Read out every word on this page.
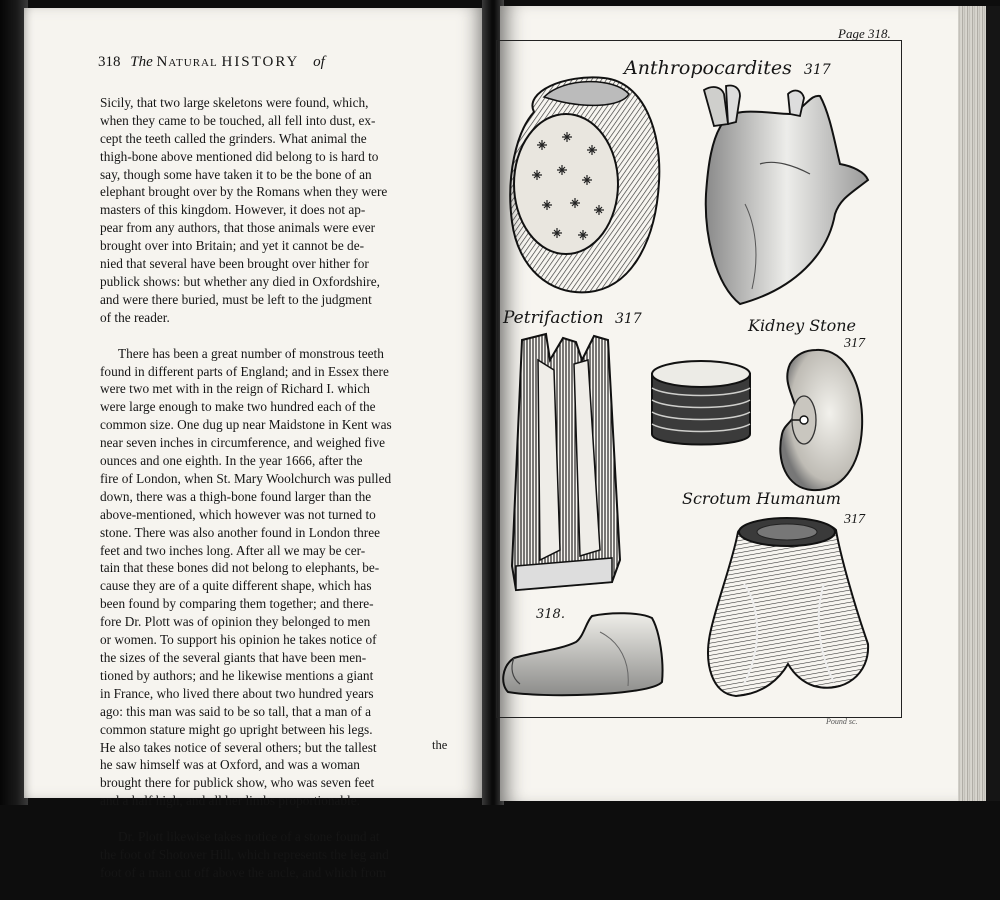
318 The Natural HISTORY of

Sicily, that two large skeletons were found, which,
when they came to be touched, all fell into dust, ex-
cept the teeth called the grinders. What animal the
thigh-bone above mentioned did belong to is hard to
say, though some have taken it to be the bone of an
elephant brought over by the Romans when they were
masters of this kingdom. However, it does not ap-
pear from any authors, that those animals were ever
brought over into Britain; and yet it cannot be de-
nied that several have been brought over hither for
publick shows: but whether any died in Oxfordshire,
and were there buried, must be left to the judgment
of the reader.

There has been a great number of monstrous teeth
found in different parts of England; and in Essex there
were two met with in the reign of Richard I. which
were large enough to make two hundred each of the
common size. One dug up near Maidstone in Kent was
near seven inches in circumference, and weighed five
ounces and one eighth. In the year 1666, after the
fire of London, when St. Mary Woolchurch was pulled
down, there was a thigh-bone found larger than the
above-mentioned, which however was not turned to
stone. There was also another found in London three
feet and two inches long. After all we may be cer-
tain that these bones did not belong to elephants, be-
cause they are of a quite different shape, which has
been found by comparing them together; and there-
fore Dr. Plott was of opinion they belonged to men
or women. To support his opinion he takes notice of
the sizes of the several giants that have been men-
tioned by authors; and he likewise mentions a giant
in France, who lived there about two hundred years
ago: this man was said to be so tall, that a man of a
common stature might go upright between his legs.
He also takes notice of several others; but the tallest
he saw himself was at Oxford, and was a woman
brought there for publick show, who was seven feet
and a half high, and all her limbs proportionable.

Dr. Plott likewise takes notice of a stone found at
the foot of Shotover Hill, which represents the leg and
foot of a man cut off above the ancle, and which from

the
Page 318.
Anthropocardites 317
Petrifaction 317	Kidney Stone
317
Scrotum Humanum
317
318.
Pound sc.
